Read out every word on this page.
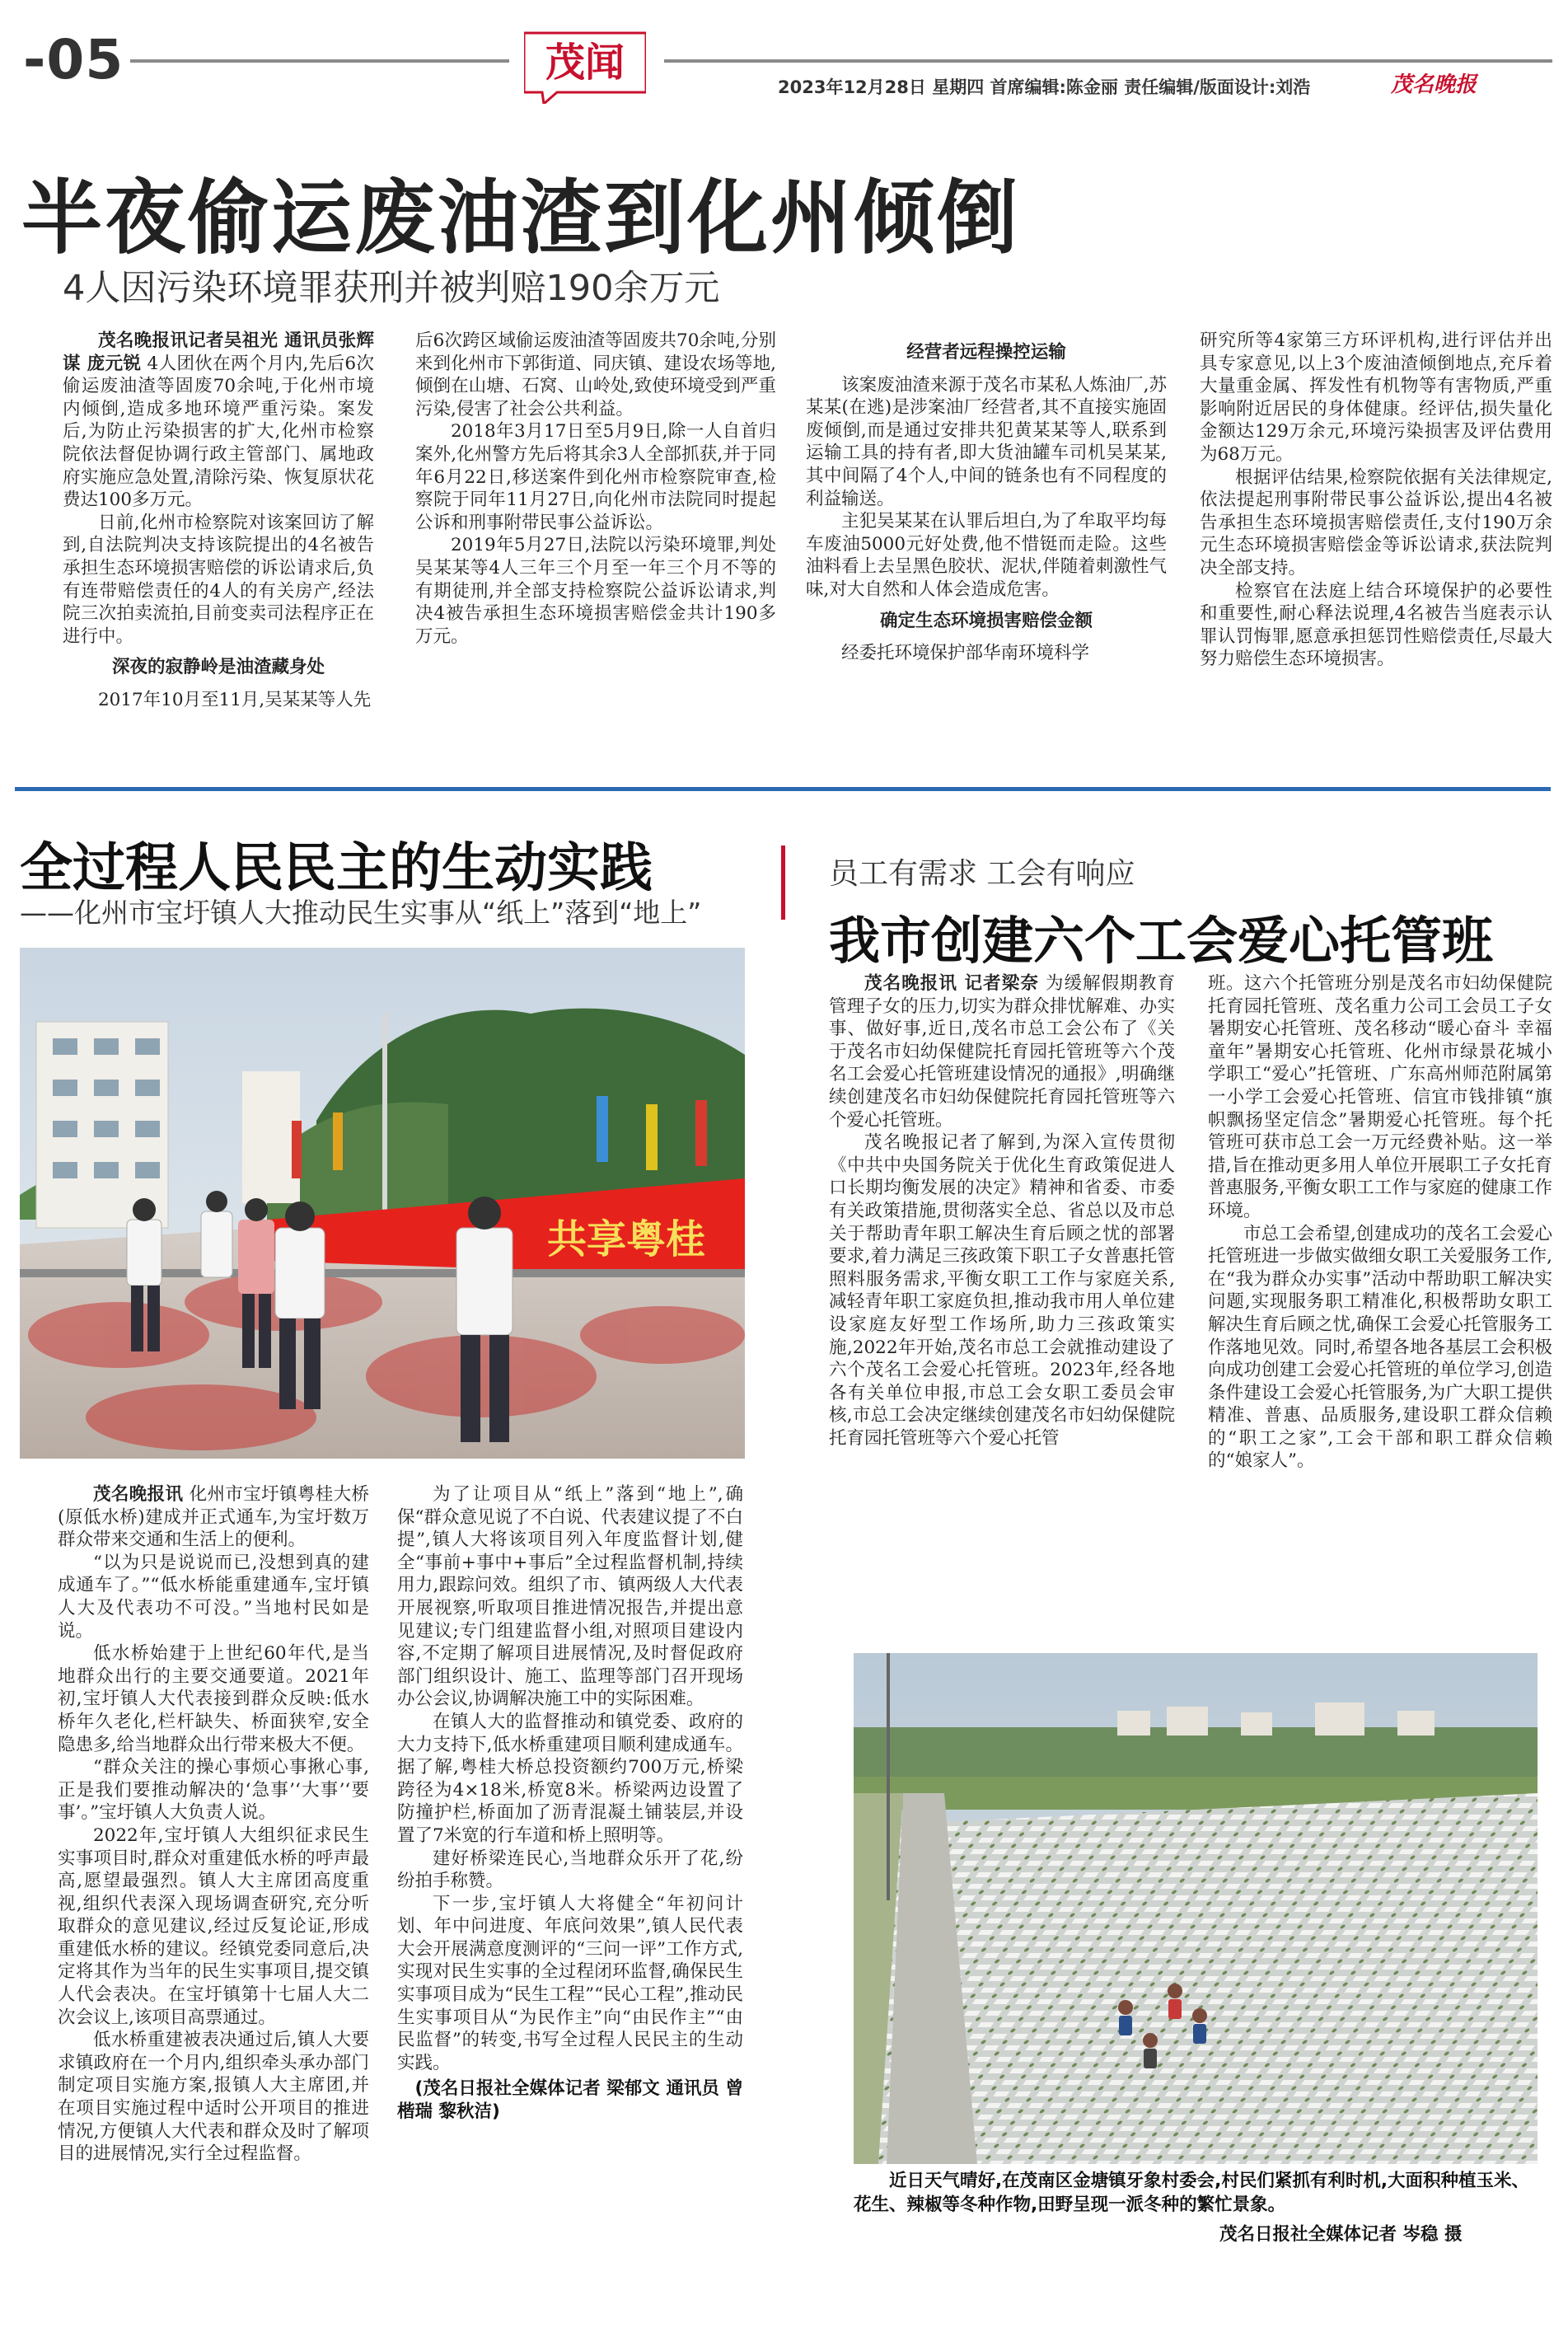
-05	茂闻
2023年12月28日 星期四 首席编辑:陈金丽 责任编辑/版面设计:刘浩	茂名晚报
半夜偷运废油渣到化州倾倒
4人因污染环境罪获刑并被判赔190余万元

茂名晚报讯记者吴祖光 通讯员张辉谋 庞元锐 4人团伙在两个月内,先后6次偷运废油渣等固废70余吨,于化州市境内倾倒,造成多地环境严重污染。案发后,为防止污染损害的扩大,化州市检察院依法督促协调行政主管部门、属地政府实施应急处置,清除污染、恢复原状花费达100多万元。

日前,化州市检察院对该案回访了解到,自法院判决支持该院提出的4名被告承担生态环境损害赔偿的诉讼请求后,负有连带赔偿责任的4人的有关房产,经法院三次拍卖流拍,目前变卖司法程序正在进行中。

深夜的寂静岭是油渣藏身处

2017年10月至11月,吴某某等人先

后6次跨区域偷运废油渣等固废共70余吨,分别来到化州市下郭街道、同庆镇、建设农场等地,倾倒在山塘、石窝、山岭处,致使环境受到严重污染,侵害了社会公共利益。

2018年3月17日至5月9日,除一人自首归案外,化州警方先后将其余3人全部抓获,并于同年6月22日,移送案件到化州市检察院审查,检察院于同年11月27日,向化州市法院同时提起公诉和刑事附带民事公益诉讼。

2019年5月27日,法院以污染环境罪,判处吴某某等4人三年三个月至一年三个月不等的有期徒刑,并全部支持检察院公益诉讼请求,判决4被告承担生态环境损害赔偿金共计190多万元。

经营者远程操控运输

该案废油渣来源于茂名市某私人炼油厂,苏某某(在逃)是涉案油厂经营者,其不直接实施固废倾倒,而是通过安排共犯黄某某等人,联系到运输工具的持有者,即大货油罐车司机吴某某,其中间隔了4个人,中间的链条也有不同程度的利益输送。

主犯吴某某在认罪后坦白,为了牟取平均每车废油5000元好处费,他不惜铤而走险。这些油料看上去呈黑色胶状、泥状,伴随着刺激性气味,对大自然和人体会造成危害。

确定生态环境损害赔偿金额

经委托环境保护部华南环境科学

研究所等4家第三方环评机构,进行评估并出具专家意见,以上3个废油渣倾倒地点,充斥着大量重金属、挥发性有机物等有害物质,严重影响附近居民的身体健康。经评估,损失量化金额达129万余元,环境污染损害及评估费用为68万元。

根据评估结果,检察院依据有关法律规定,依法提起刑事附带民事公益诉讼,提出4名被告承担生态环境损害赔偿责任,支付190万余元生态环境损害赔偿金等诉讼请求,获法院判决全部支持。

检察官在法庭上结合环境保护的必要性和重要性,耐心释法说理,4名被告当庭表示认罪认罚悔罪,愿意承担惩罚性赔偿责任,尽最大努力赔偿生态环境损害。

全过程人民民主的生动实践
——化州市宝圩镇人大推动民生实事从“纸上”落到“地上”
共享粤桂

茂名晚报讯 化州市宝圩镇粤桂大桥(原低水桥)建成并正式通车,为宝圩数万群众带来交通和生活上的便利。

“以为只是说说而已,没想到真的建成通车了。”“低水桥能重建通车,宝圩镇人大及代表功不可没。”当地村民如是说。

低水桥始建于上世纪60年代,是当地群众出行的主要交通要道。2021年初,宝圩镇人大代表接到群众反映:低水桥年久老化,栏杆缺失、桥面狭窄,安全隐患多,给当地群众出行带来极大不便。

“群众关注的操心事烦心事揪心事,正是我们要推动解决的‘急事’‘大事’‘要事’。”宝圩镇人大负责人说。

2022年,宝圩镇人大组织征求民生实事项目时,群众对重建低水桥的呼声最高,愿望最强烈。镇人大主席团高度重视,组织代表深入现场调查研究,充分听取群众的意见建议,经过反复论证,形成重建低水桥的建议。经镇党委同意后,决定将其作为当年的民生实事项目,提交镇人代会表决。在宝圩镇第十七届人大二次会议上,该项目高票通过。

低水桥重建被表决通过后,镇人大要求镇政府在一个月内,组织牵头承办部门制定项目实施方案,报镇人大主席团,并在项目实施过程中适时公开项目的推进情况,方便镇人大代表和群众及时了解项目的进展情况,实行全过程监督。

为了让项目从“纸上”落到“地上”,确保“群众意见说了不白说、代表建议提了不白提”,镇人大将该项目列入年度监督计划,健全“事前+事中+事后”全过程监督机制,持续用力,跟踪问效。组织了市、镇两级人大代表开展视察,听取项目推进情况报告,并提出意见建议;专门组建监督小组,对照项目建设内容,不定期了解项目进展情况,及时督促政府部门组织设计、施工、监理等部门召开现场办公会议,协调解决施工中的实际困难。

在镇人大的监督推动和镇党委、政府的大力支持下,低水桥重建项目顺利建成通车。据了解,粤桂大桥总投资额约700万元,桥梁跨径为4×18米,桥宽8米。桥梁两边设置了防撞护栏,桥面加了沥青混凝土铺装层,并设置了7米宽的行车道和桥上照明等。

建好桥梁连民心,当地群众乐开了花,纷纷拍手称赞。

下一步,宝圩镇人大将健全“年初问计划、年中问进度、年底问效果”,镇人民代表大会开展满意度测评的“三问一评”工作方式,实现对民生实事的全过程闭环监督,确保民生实事项目成为“民生工程”“民心工程”,推动民生实事项目从“为民作主”向“由民作主”“由民监督”的转变,书写全过程人民民主的生动实践。

(茂名日报社全媒体记者 梁郁文 通讯员 曾楷瑞 黎秋洁)

员工有需求 工会有响应
我市创建六个工会爱心托管班

茂名晚报讯 记者梁奈 为缓解假期教育管理子女的压力,切实为群众排忧解难、办实事、做好事,近日,茂名市总工会公布了《关于茂名市妇幼保健院托育园托管班等六个茂名工会爱心托管班建设情况的通报》,明确继续创建茂名市妇幼保健院托育园托管班等六个爱心托管班。

茂名晚报记者了解到,为深入宣传贯彻《中共中央国务院关于优化生育政策促进人口长期均衡发展的决定》精神和省委、市委有关政策措施,贯彻落实全总、省总以及市总关于帮助青年职工解决生育后顾之忧的部署要求,着力满足三孩政策下职工子女普惠托管照料服务需求,平衡女职工工作与家庭关系,减轻青年职工家庭负担,推动我市用人单位建设家庭友好型工作场所,助力三孩政策实施,2022年开始,茂名市总工会就推动建设了六个茂名工会爱心托管班。2023年,经各地各有关单位申报,市总工会女职工委员会审核,市总工会决定继续创建茂名市妇幼保健院托育园托管班等六个爱心托管

班。这六个托管班分别是茂名市妇幼保健院托育园托管班、茂名重力公司工会员工子女暑期安心托管班、茂名移动“暖心奋斗 幸福童年”暑期安心托管班、化州市绿景花城小学职工“爱心”托管班、广东高州师范附属第一小学工会爱心托管班、信宜市钱排镇“旗帜飘扬坚定信念”暑期爱心托管班。每个托管班可获市总工会一万元经费补贴。这一举措,旨在推动更多用人单位开展职工子女托育普惠服务,平衡女职工工作与家庭的健康工作环境。

市总工会希望,创建成功的茂名工会爱心托管班进一步做实做细女职工关爱服务工作,在“我为群众办实事”活动中帮助职工解决实问题,实现服务职工精准化,积极帮助女职工解决生育后顾之忧,确保工会爱心托管服务工作落地见效。同时,希望各地各基层工会积极向成功创建工会爱心托管班的单位学习,创造条件建设工会爱心托管服务,为广大职工提供精准、普惠、品质服务,建设职工群众信赖的“职工之家”,工会干部和职工群众信赖的“娘家人”。

近日天气晴好,在茂南区金塘镇牙象村委会,村民们紧抓有利时机,大面积种植玉米、花生、辣椒等冬种作物,田野呈现一派冬种的繁忙景象。
茂名日报社全媒体记者 岑稳 摄
